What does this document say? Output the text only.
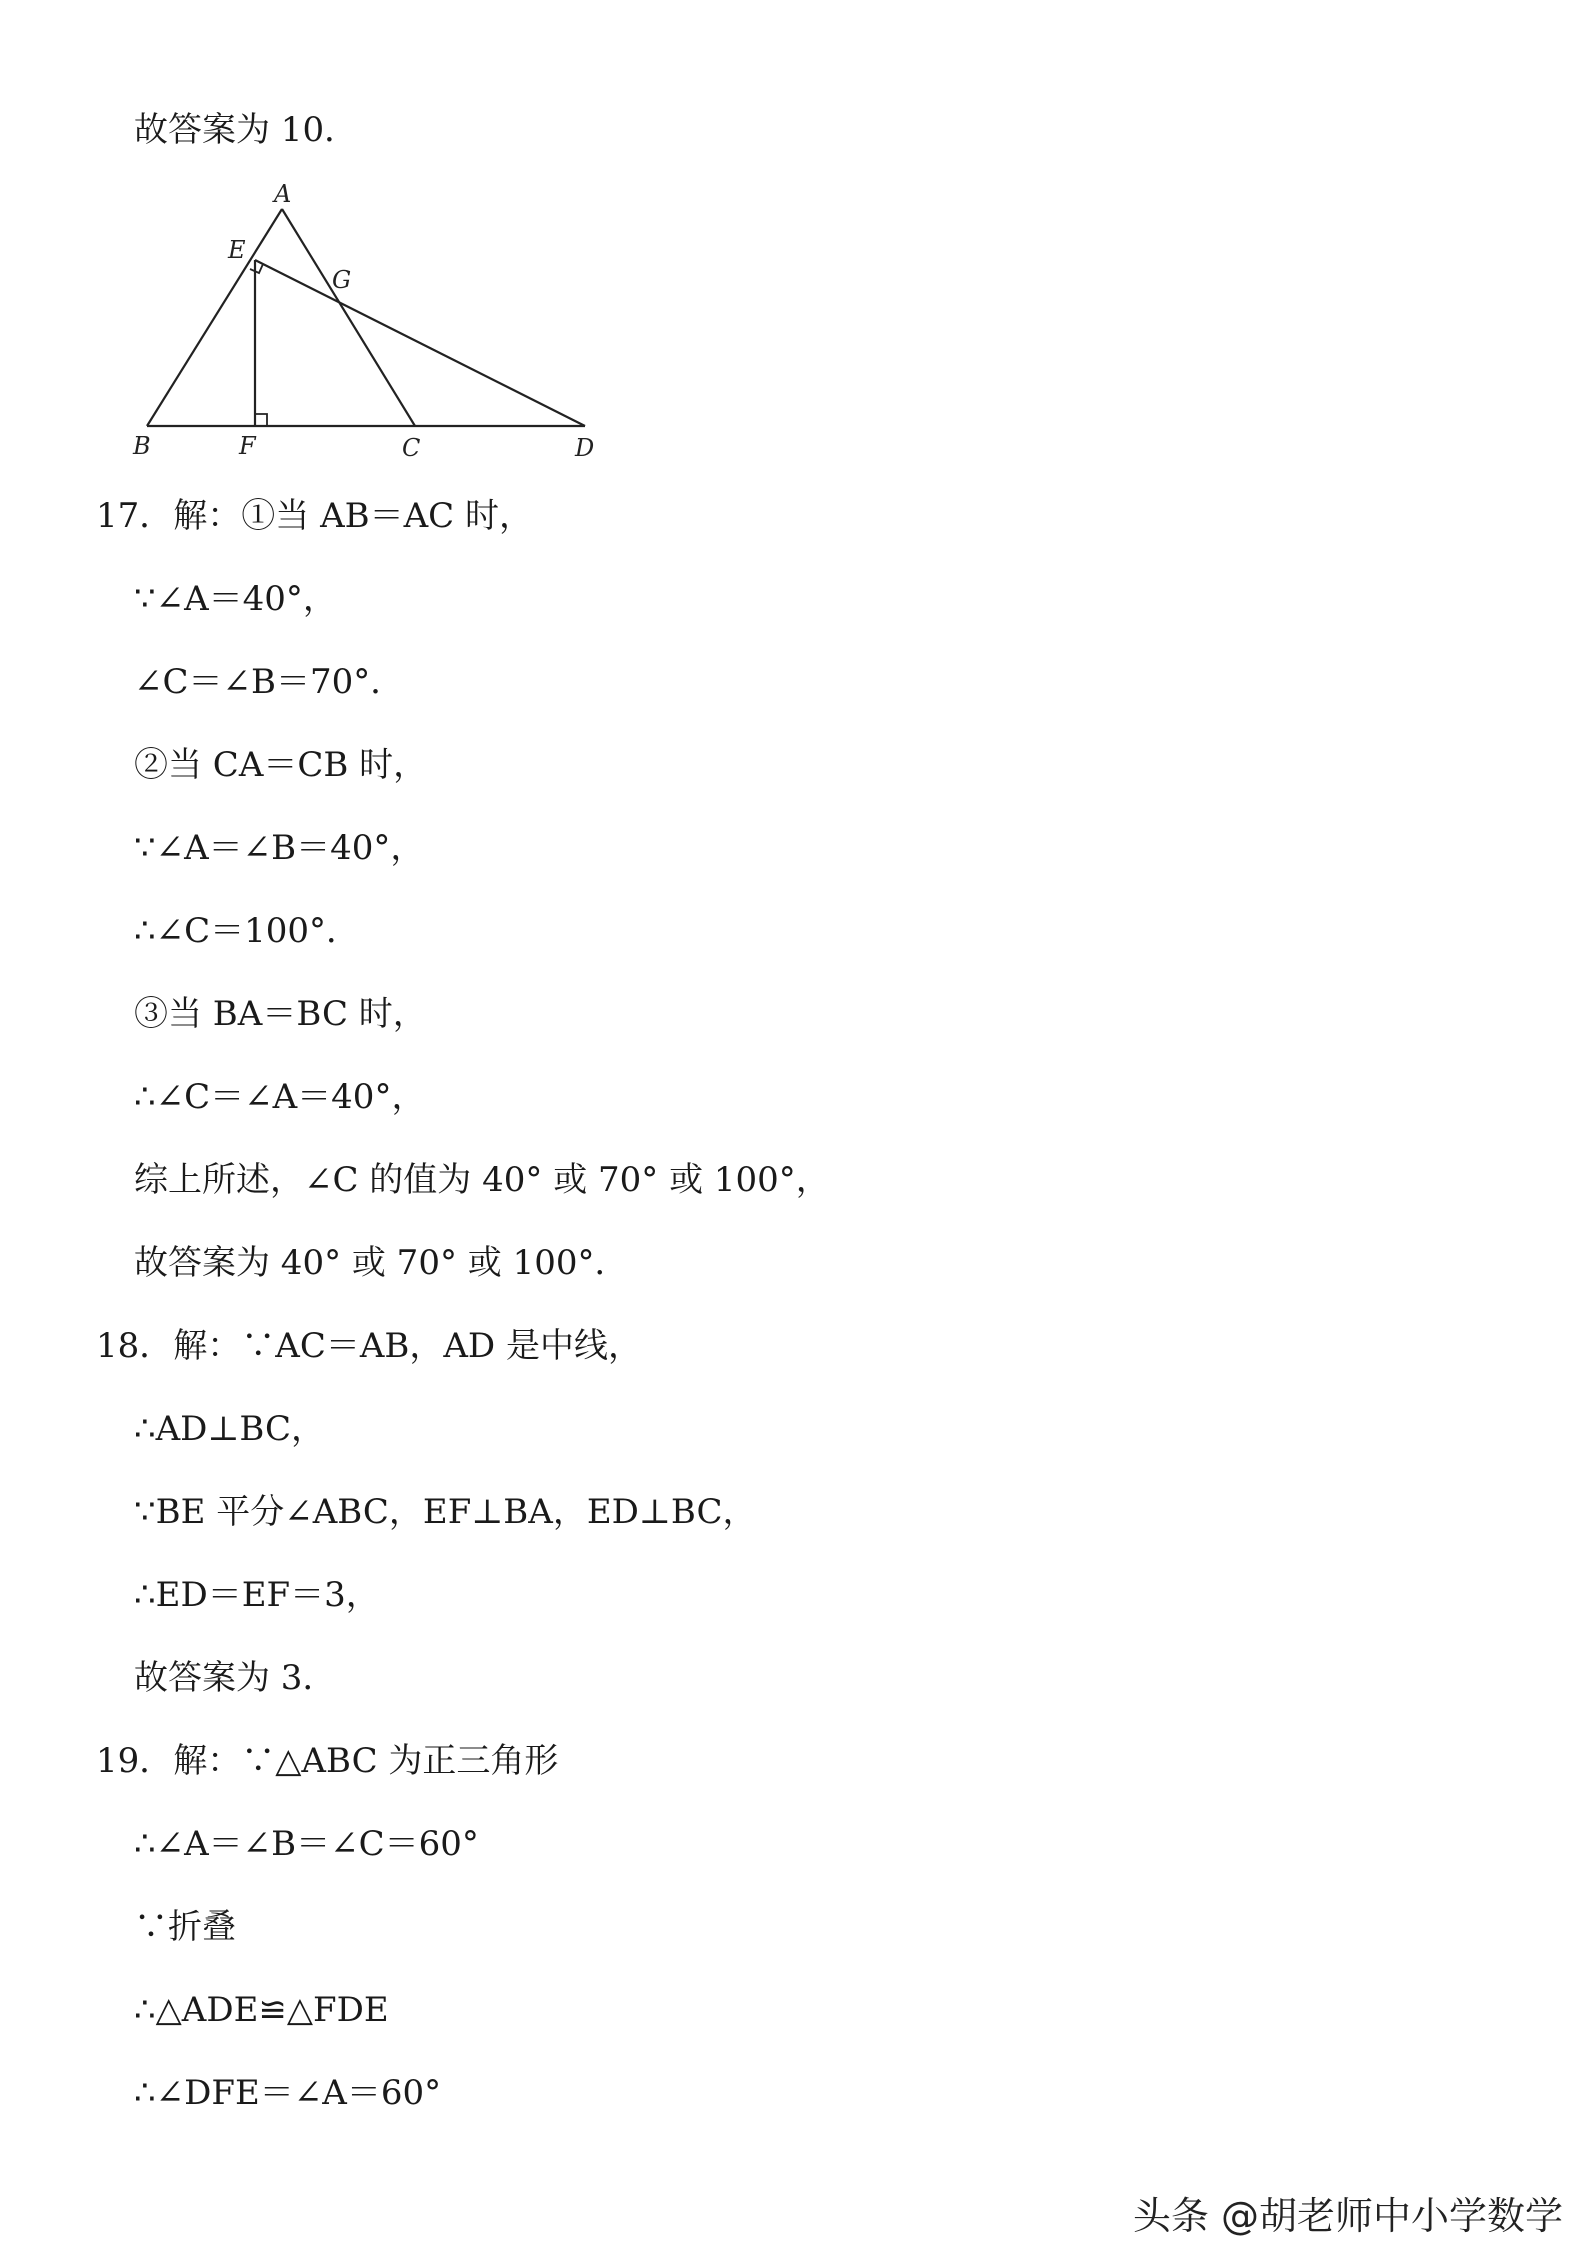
故答案为 10．
A
E
G
B	F	C	D
17．解：①当 AB＝AC 时，
∵∠A＝40°，
∠C＝∠B＝70°．
②当 CA＝CB 时，
∵∠A＝∠B＝40°，
∴∠C＝100°．
③当 BA＝BC 时，
∴∠C＝∠A＝40°，
综上所述，∠C 的值为 40° 或 70° 或 100°，
故答案为 40° 或 70° 或 100°．
18．解：∵AC＝AB，AD 是中线，
∴AD⊥BC，
∵BE 平分∠ABC，EF⊥BA，ED⊥BC，
∴ED＝EF＝3，
故答案为 3．
19．解：∵△ABC 为正三角形
∴∠A＝∠B＝∠C＝60°
∵折叠
∴△ADE≌△FDE
∴∠DFE＝∠A＝60°
头条 @胡老师中小学数学
